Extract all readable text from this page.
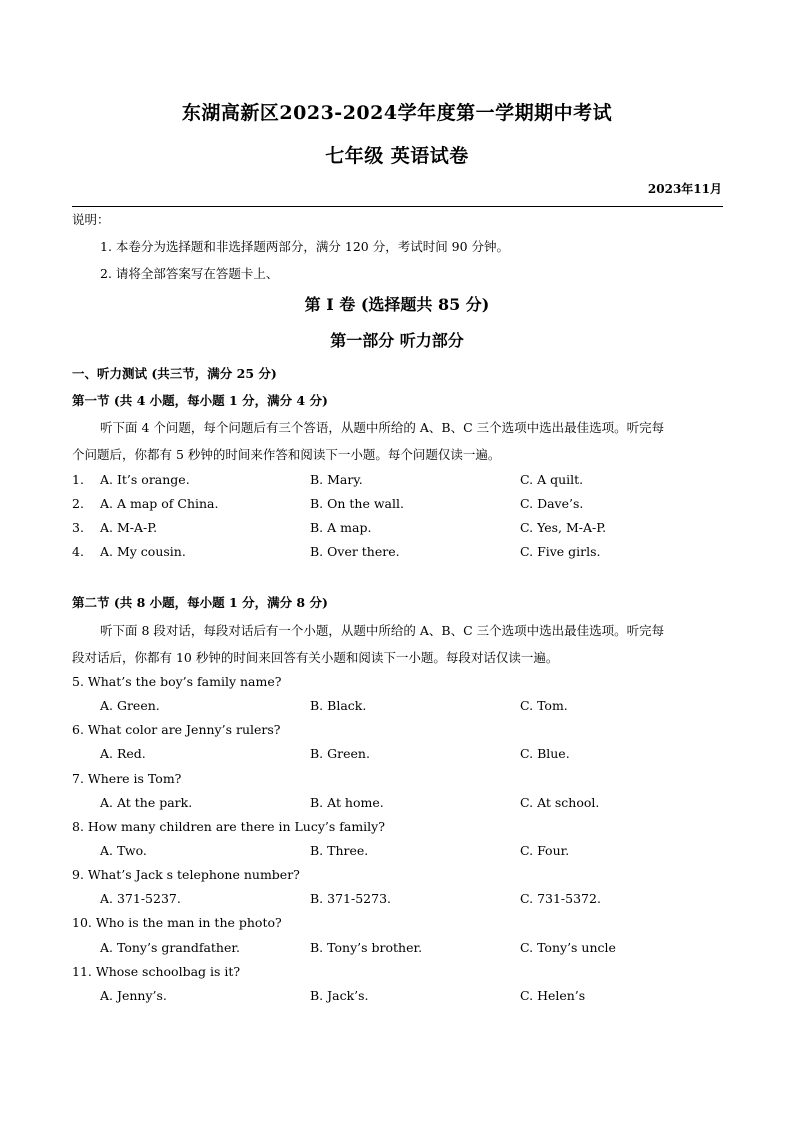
东湖高新区2023-2024学年度第一学期期中考试
七年级 英语试卷
2023年11月
说明：
1. 本卷分为选择题和非选择题两部分，满分 120 分，考试时间 90 分钟。
2. 请将全部答案写在答题卡上、
第 I 卷 (选择题共 85 分)
第一部分 听力部分
一、听力测试 (共三节，满分 25 分)
第一节 (共 4 小题，每小题 1 分，满分 4 分)
听下面 4 个问题，每个问题后有三个答语，从题中所给的 A、B、C 三个选项中选出最佳选项。听完每
个问题后，你都有 5 秒钟的时间来作答和阅读下一小题。每个问题仅读一遍。
1. A. It’s orange.	B. Mary.	C. A quilt.
2. A. A map of China.	B. On the wall.	C. Dave’s.
3. A. M-A-P.	B. A map.	C. Yes, M-A-P.
4. A. My cousin.	B. Over there.	C. Five girls.
第二节 (共 8 小题，每小题 1 分，满分 8 分)
听下面 8 段对话，每段对话后有一个小题，从题中所给的 A、B、C 三个选项中选出最佳选项。听完每
段对话后，你都有 10 秒钟的时间来回答有关小题和阅读下一小题。每段对话仅读一遍。
5. What’s the boy’s family name?
A. Green.	B. Black.	C. Tom.
6. What color are Jenny’s rulers?
A. Red.	B. Green.	C. Blue.
7. Where is Tom?
A. At the park.	B. At home.	C. At school.
8. How many children are there in Lucy’s family?
A. Two.	B. Three.	C. Four.
9. What’s Jack s telephone number?
A. 371-5237.	B. 371-5273.	C. 731-5372.
10. Who is the man in the photo?
A. Tony’s grandfather.	B. Tony’s brother.	C. Tony’s uncle
11. Whose schoolbag is it?
A. Jenny’s.	B. Jack’s.	C. Helen’s
